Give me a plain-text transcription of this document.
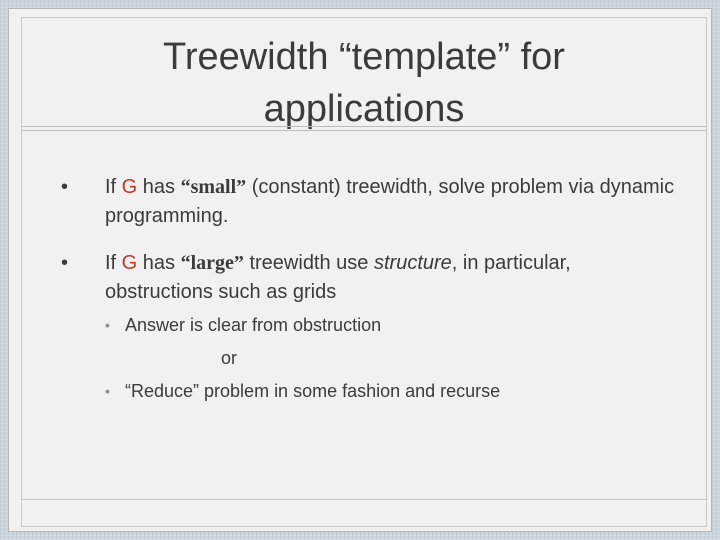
Treewidth “template” for
applications
• If G has “small” (constant) treewidth, solve problem via dynamic programming.
• If G has “large” treewidth use structure, in particular, obstructions such as grids
• Answer is clear from obstruction
or
• “Reduce” problem in some fashion and recurse
